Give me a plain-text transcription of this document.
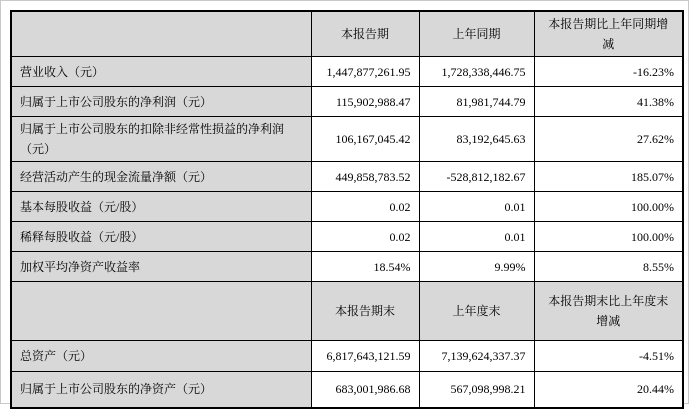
	本报告期	上年同期	本报告期比上年同期增减
营业收入（元）	1,447,877,261.95	1,728,338,446.75	-16.23%
归属于上市公司股东的净利润（元）	115,902,988.47	81,981,744.79	41.38%
归属于上市公司股东的扣除非经常性损益的净利润（元）	106,167,045.42	83,192,645.63	27.62%
经营活动产生的现金流量净额（元）	449,858,783.52	-528,812,182.67	185.07%
基本每股收益（元/股）	0.02	0.01	100.00%
稀释每股收益（元/股）	0.02	0.01	100.00%
加权平均净资产收益率	18.54%	9.99%	8.55%
	本报告期末	上年度末	本报告期末比上年度末增减
总资产（元）	6,817,643,121.59	7,139,624,337.37	-4.51%
归属于上市公司股东的净资产（元）	683,001,986.68	567,098,998.21	20.44%
